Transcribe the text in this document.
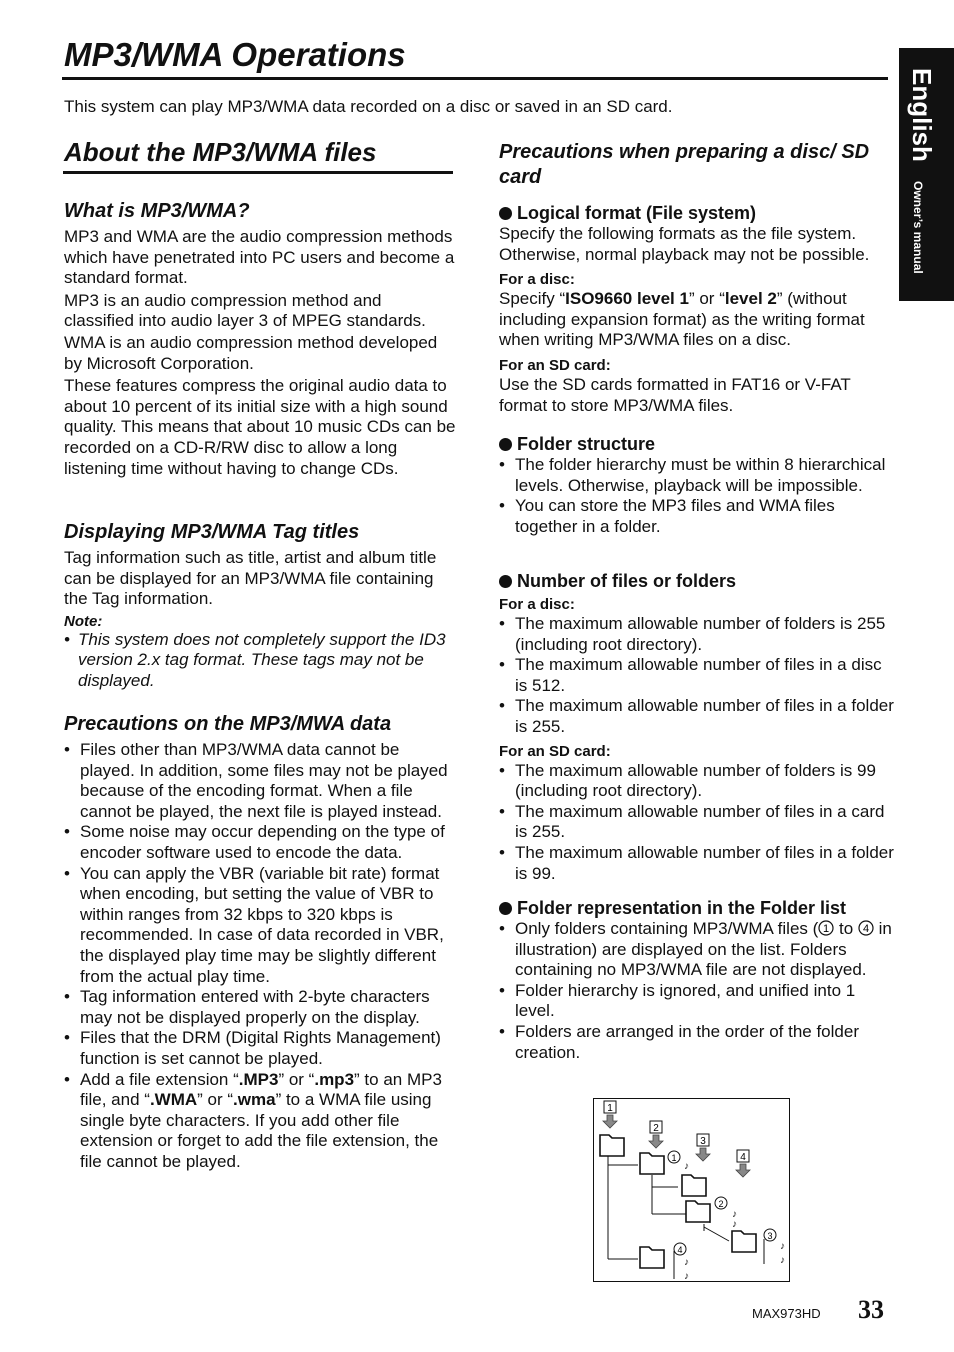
MP3/WMA Operations
This system can play MP3/WMA data recorded on a disc or saved in an SD card.	English
Owner’s manual
About the MP3/WMA files
What is MP3/WMA?
MP3 and WMA are the audio compression methods which have penetrated into PC users and become a standard format.
MP3 is an audio compression method and classified into audio layer 3 of MPEG standards.
WMA is an audio compression method developed by Microsoft Corporation.
These features compress the original audio data to about 10 percent of its initial size with a high sound quality. This means that about 10 music CDs can be recorded on a CD-R/RW disc to allow a long listening time without having to change CDs.
Displaying MP3/WMA Tag titles
Tag information such as title, artist and album title can be displayed for an MP3/WMA file containing the Tag information.
Note:
• This system does not completely support the ID3 version 2.x tag format. These tags may not be displayed.
Precautions on the MP3/MWA data
• Files other than MP3/WMA data cannot be played. In addition, some files may not be played because of the encoding format. When a file cannot be played, the next file is played instead.
• Some noise may occur depending on the type of encoder software used to encode the data.
• You can apply the VBR (variable bit rate) format when encoding, but setting the value of VBR to within ranges from 32 kbps to 320 kbps is recommended. In case of data recorded in VBR, the displayed play time may be slightly different from the actual play time.
• Tag information entered with 2-byte characters may not be displayed properly on the display.
• Files that the DRM (Digital Rights Management) function is set cannot be played.
• Add a file extension “.MP3” or “.mp3” to an MP3 file, and “.WMA” or “.wma” to a WMA file using single byte characters. If you add other file extension or forget to add the file extension, the file cannot be played.
Precautions when preparing a disc/ SD card
Logical format (File system)
Specify the following formats as the file system. Otherwise, normal playback may not be possible.
For a disc:
Specify “ISO9660 level 1” or “level 2” (without including expansion format) as the writing format when writing MP3/WMA files on a disc.
For an SD card:
Use the SD cards formatted in FAT16 or V-FAT format to store MP3/WMA files.
Folder structure
• The folder hierarchy must be within 8 hierarchical levels. Otherwise, playback will be impossible.
• You can store the MP3 files and WMA files together in a folder.
Number of files or folders
For a disc:
• The maximum allowable number of folders is 255 (including root directory).
• The maximum allowable number of files in a disc is 512.
• The maximum allowable number of files in a folder is 255.
For an SD card:
• The maximum allowable number of folders is 99 (including root directory).
• The maximum allowable number of files in a card is 255.
• The maximum allowable number of files in a folder is 99.
Folder representation in the Folder list
• Only folders containing MP3/WMA files ( 1 to 4 in illustration) are displayed on the list. Folders containing no MP3/WMA file are not displayed.
• Folder hierarchy is ignored, and unified into 1 level.
• Folders are arranged in the order of the folder creation.
1
2
3
4
1
2
3
4
♪
♪
♪
♪
♪
♪
♪
MAX973HD 33
